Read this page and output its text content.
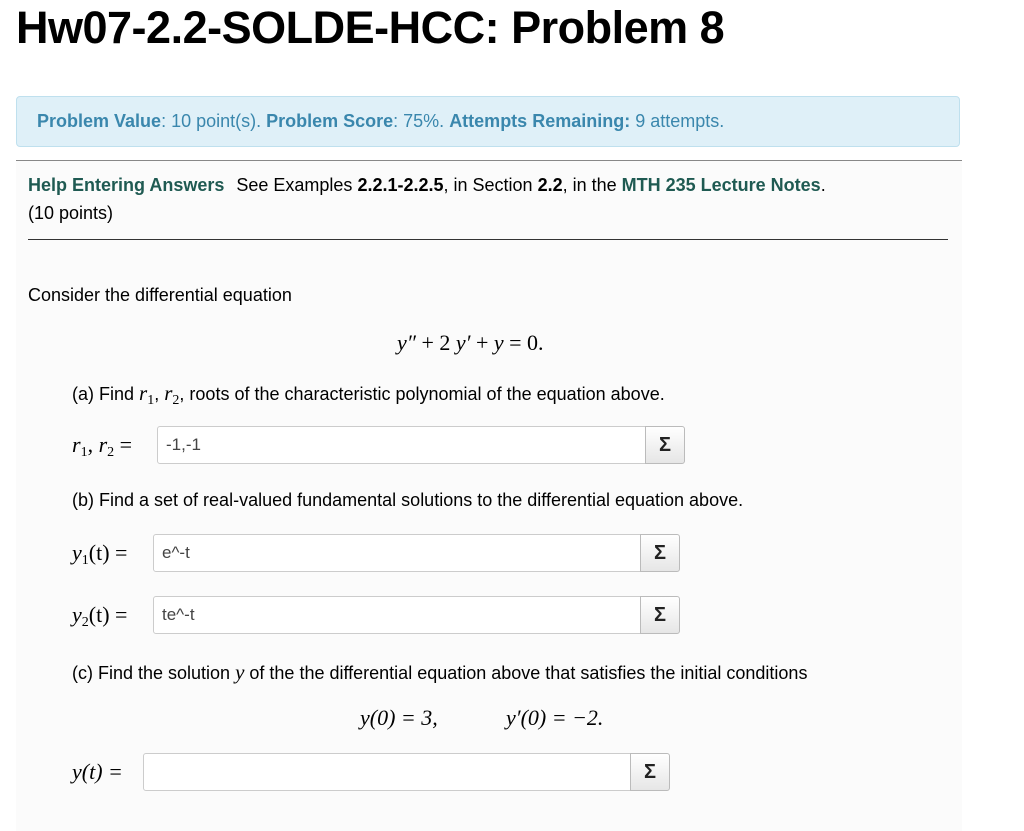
Hw07-2.2-SOLDE-HCC: Problem 8
Problem Value : 10 point(s). Problem Score : 75%. Attempts Remaining: 9 attempts.
Help Entering Answers See Examples 2.2.1-2.2.5, in Section 2.2, in the MTH 235 Lecture Notes.
(10 points)
Consider the differential equation
y″ + 2 y′ + y = 0.
(a) Find $r_1$, $r_2$, roots of the characteristic polynomial of the equation above.
$r_1$, $r_2$ =
-1,-1	Σ
(b) Find a set of real-valued fundamental solutions to the differential equation above.
$y_1(t)$ =
e^-t	Σ
$y_2(t)$ =
te^-t	Σ
(c) Find the solution y of the the differential equation above that satisfies the initial conditions
y(0) = 3,	y′(0) = −2.
y(t) =	Σ
